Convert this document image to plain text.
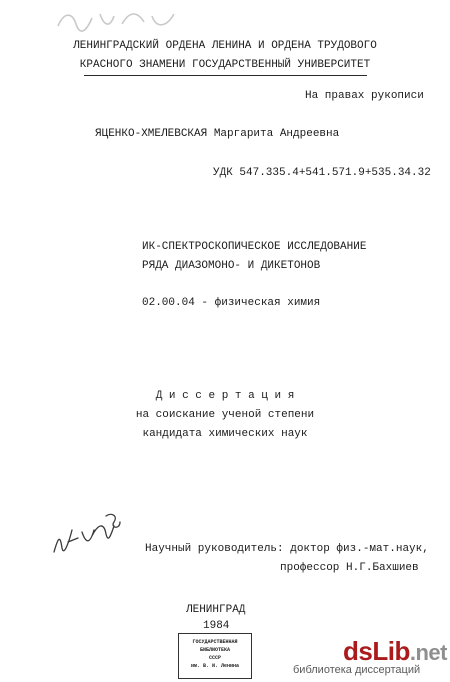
ЛЕНИНГРАДСКИЙ ОРДЕНА ЛЕНИНА И ОРДЕНА ТРУДОВОГО
КРАСНОГО ЗНАМЕНИ ГОСУДАРСТВЕННЫЙ УНИВЕРСИТЕТ
На правах рукописи
ЯЦЕНКО-ХМЕЛЕВСКАЯ Маргарита Андреевна
УДК 547.335.4+541.571.9+535.34.32
ИК-СПЕКТРОСКОПИЧЕСКОЕ ИССЛЕДОВАНИЕ
РЯДА ДИАЗОМОНО- И ДИКЕТОНОВ
02.00.04 - физическая химия
Д и с с е р т а ц и я
на соискание ученой степени
кандидата химических наук
Научный руководитель: доктор физ.-мат.наук,
профессор Н.Г.Бахшиев
ЛЕНИНГРАД
1984
ГОСУДАРСТВЕННАЯ
БИБЛИОТЕКА
СССР
им. В. И. Ленина	dsLib.net
библиотека диссертаций
